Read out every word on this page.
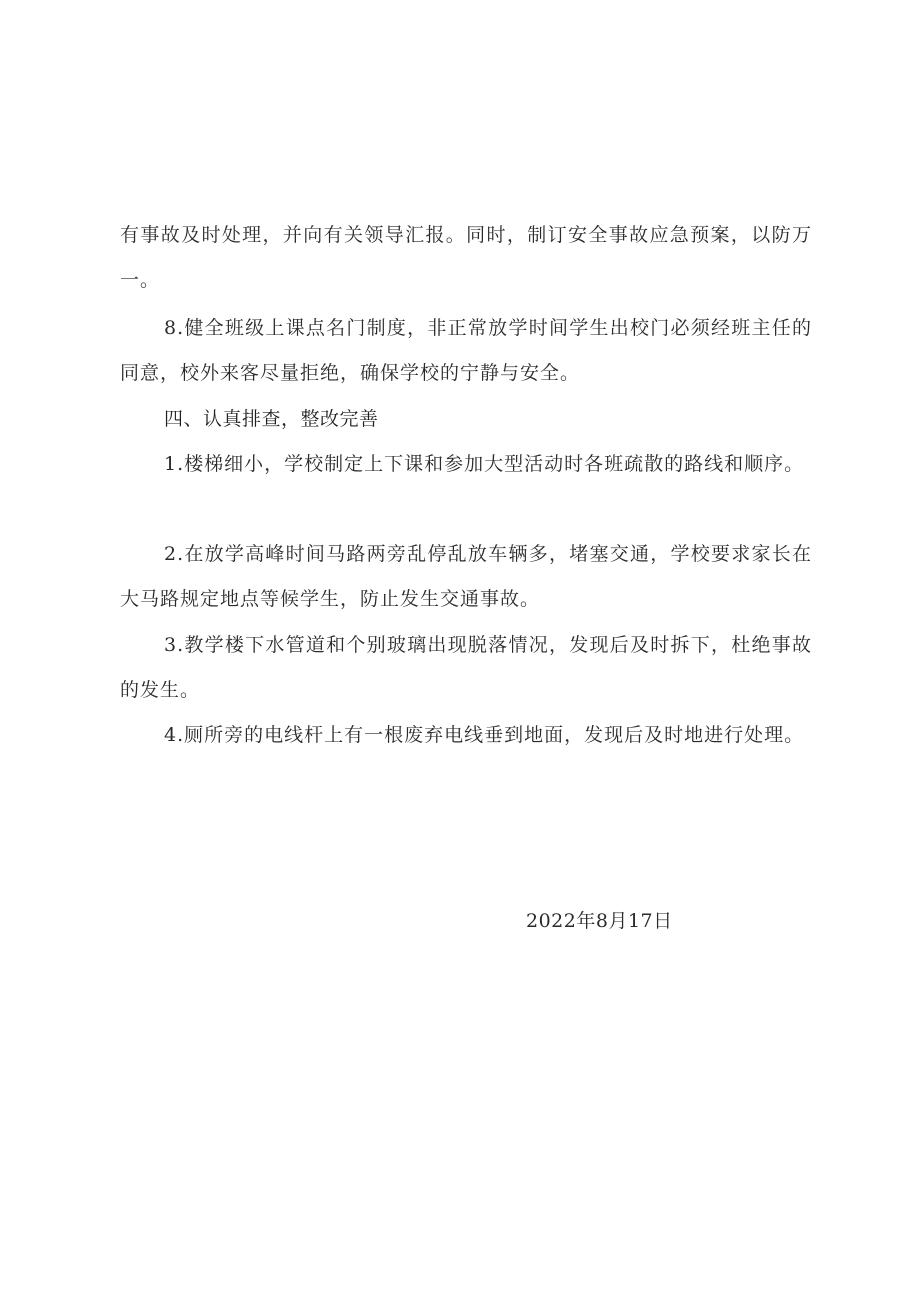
有事故及时处理，并向有关领导汇报。同时，制订安全事故应急预案，以防万一。

8.健全班级上课点名门制度，非正常放学时间学生出校门必须经班主任的同意，校外来客尽量拒绝，确保学校的宁静与安全。

四、认真排查，整改完善

1.楼梯细小，学校制定上下课和参加大型活动时各班疏散的路线和顺序。

2.在放学高峰时间马路两旁乱停乱放车辆多，堵塞交通，学校要求家长在大马路规定地点等候学生，防止发生交通事故。

3.教学楼下水管道和个别玻璃出现脱落情况，发现后及时拆下，杜绝事故的发生。

4.厕所旁的电线杆上有一根废弃电线垂到地面，发现后及时地进行处理。

2022年8月17日
